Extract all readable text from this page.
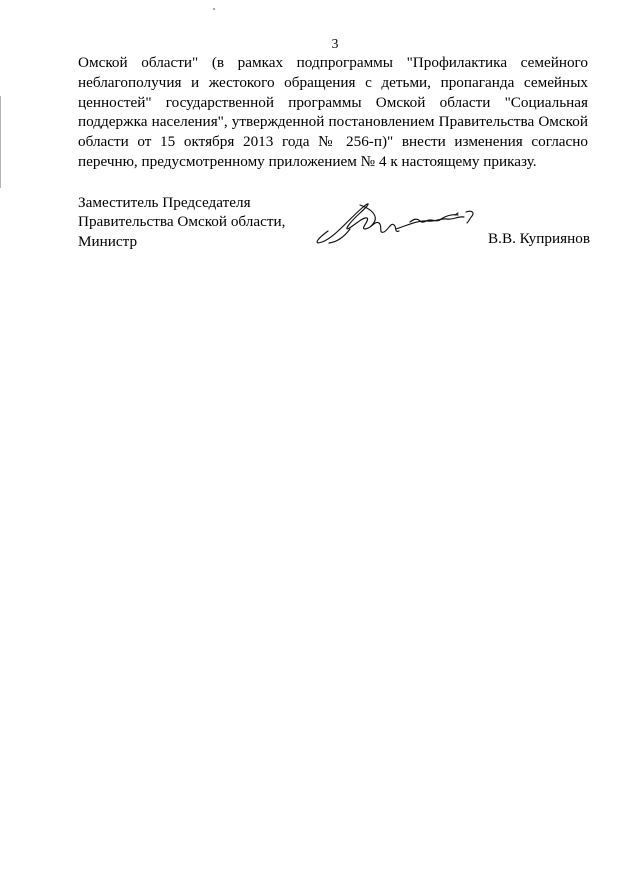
3
Омской области" (в рамках подпрограммы "Профилактика семейного
неблагополучия и жестокого обращения с детьми, пропаганда семейных
ценностей" государственной программы Омской области "Социальная
поддержка населения", утвержденной постановлением Правительства Омской
области от 15 октября 2013 года № 256-п)" внести изменения согласно
перечню, предусмотренному приложением № 4 к настоящему приказу.
Заместитель Председателя
Правительства Омской области,
Министр	В.В. Куприянов
